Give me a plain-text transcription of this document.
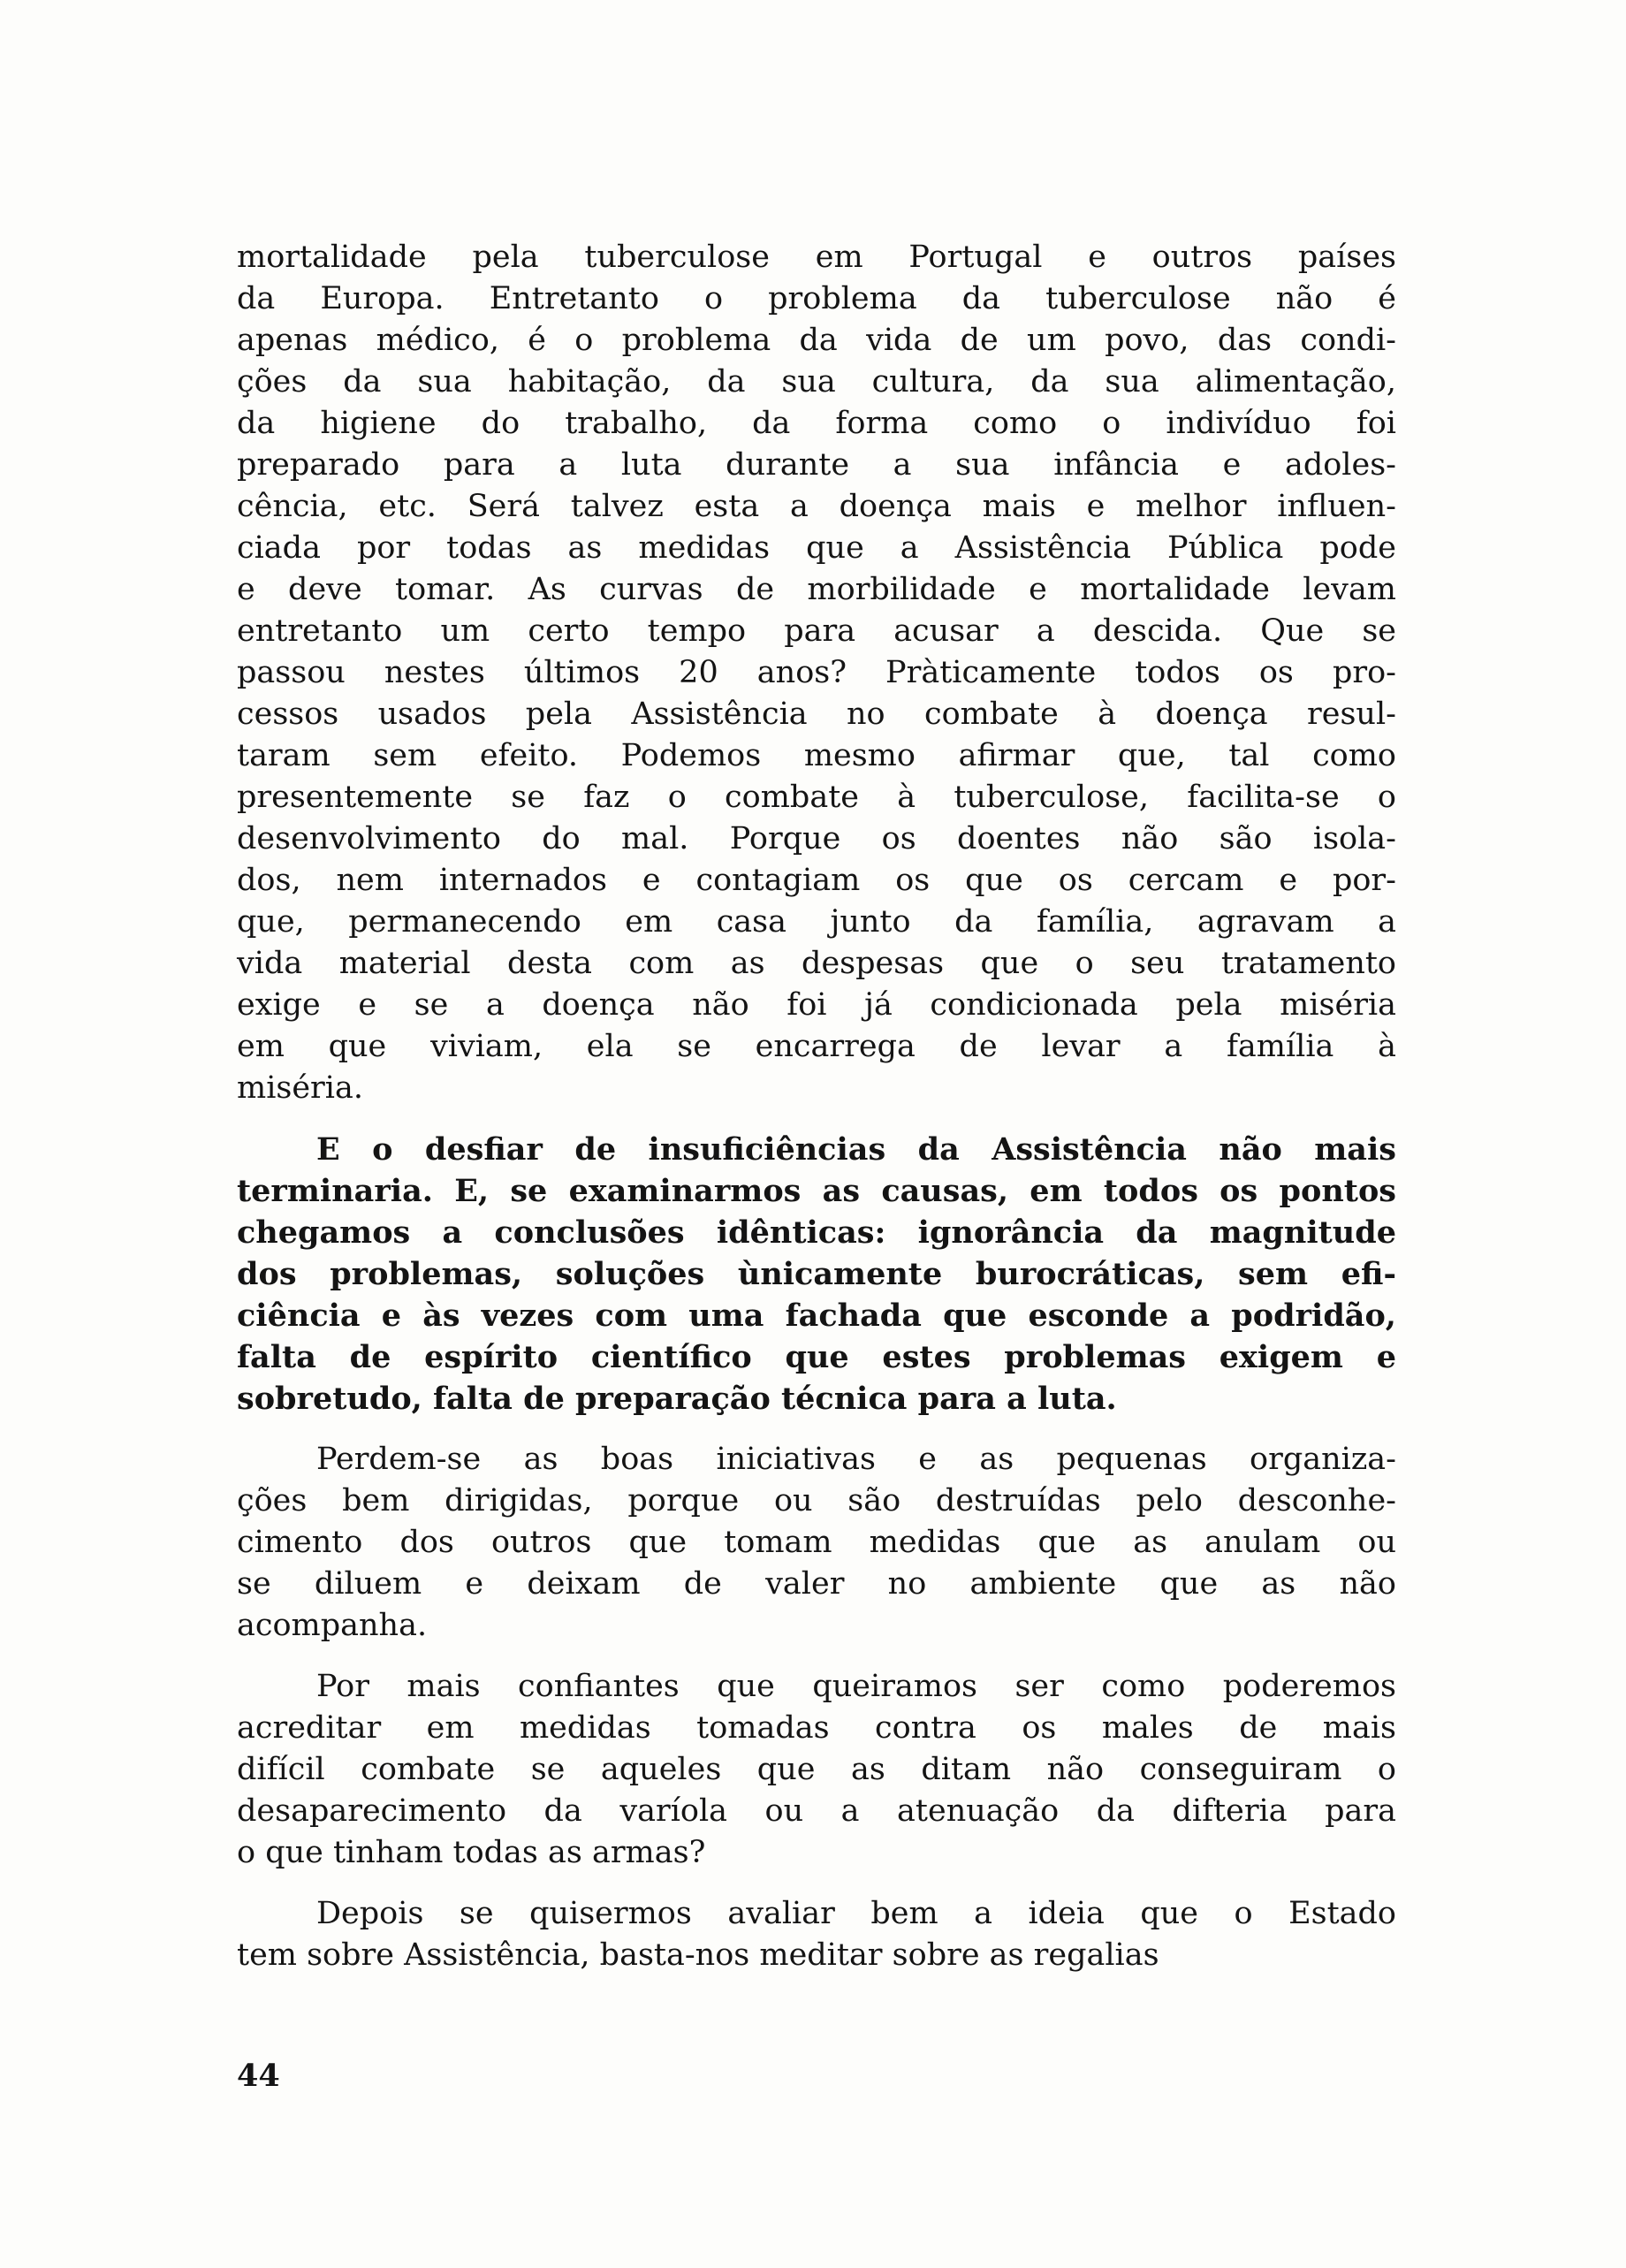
mortalidade pela tuberculose em Portugal e outros países
da Europa. Entretanto o problema da tuberculose não é
apenas médico, é o problema da vida de um povo, das condi-
ções da sua habitação, da sua cultura, da sua alimentação,
da higiene do trabalho, da forma como o indivíduo foi
preparado para a luta durante a sua infância e adoles-
cência, etc. Será talvez esta a doença mais e melhor influen-
ciada por todas as medidas que a Assistência Pública pode
e deve tomar. As curvas de morbilidade e mortalidade levam
entretanto um certo tempo para acusar a descida. Que se
passou nestes últimos 20 anos? Pràticamente todos os pro-
cessos usados pela Assistência no combate à doença resul-
taram sem efeito. Podemos mesmo afirmar que, tal como
presentemente se faz o combate à tuberculose, facilita-se o
desenvolvimento do mal. Porque os doentes não são isola-
dos, nem internados e contagiam os que os cercam e por-
que, permanecendo em casa junto da família, agravam a
vida material desta com as despesas que o seu tratamento
exige e se a doença não foi já condicionada pela miséria
em que viviam, ela se encarrega de levar a família à
miséria.
E o desfiar de insuficiências da Assistência não mais
terminaria. E, se examinarmos as causas, em todos os pontos
chegamos a conclusões idênticas: ignorância da magnitude
dos problemas, soluções ùnicamente burocráticas, sem efi-
ciência e às vezes com uma fachada que esconde a podridão,
falta de espírito científico que estes problemas exigem e
sobretudo, falta de preparação técnica para a luta.
Perdem-se as boas iniciativas e as pequenas organiza-
ções bem dirigidas, porque ou são destruídas pelo desconhe-
cimento dos outros que tomam medidas que as anulam ou
se diluem e deixam de valer no ambiente que as não
acompanha.
Por mais confiantes que queiramos ser como poderemos
acreditar em medidas tomadas contra os males de mais
difícil combate se aqueles que as ditam não conseguiram o
desaparecimento da varíola ou a atenuação da difteria para
o que tinham todas as armas?
Depois se quisermos avaliar bem a ideia que o Estado
tem sobre Assistência, basta-nos meditar sobre as regalias
44
